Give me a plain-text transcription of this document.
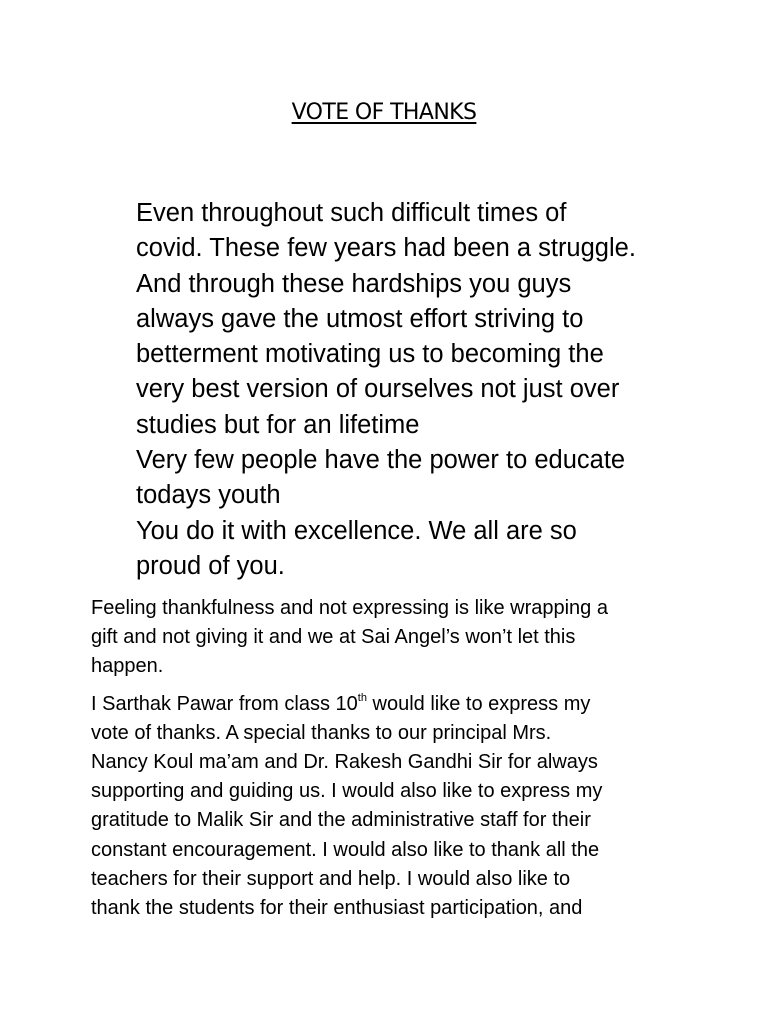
VOTE OF THANKS

Even throughout such difficult times of

covid. These few years had been a struggle.

And through these hardships you guys

always gave the utmost effort striving to

betterment motivating us to becoming the

very best version of ourselves not just over

studies but for an lifetime

Very few people have the power to educate

todays youth

You do it with excellence. We all are so

proud of you.

Feeling thankfulness and not expressing is like wrapping a

gift and not giving it and we at Sai Angel’s won’t let this

happen.

I Sarthak Pawar from class 10th would like to express my

vote of thanks. A special thanks to our principal Mrs.

Nancy Koul ma’am and Dr. Rakesh Gandhi Sir for always

supporting and guiding us. I would also like to express my

gratitude to Malik Sir and the administrative staff for their

constant encouragement. I would also like to thank all the

teachers for their support and help. I would also like to

thank the students for their enthusiast participation, and
